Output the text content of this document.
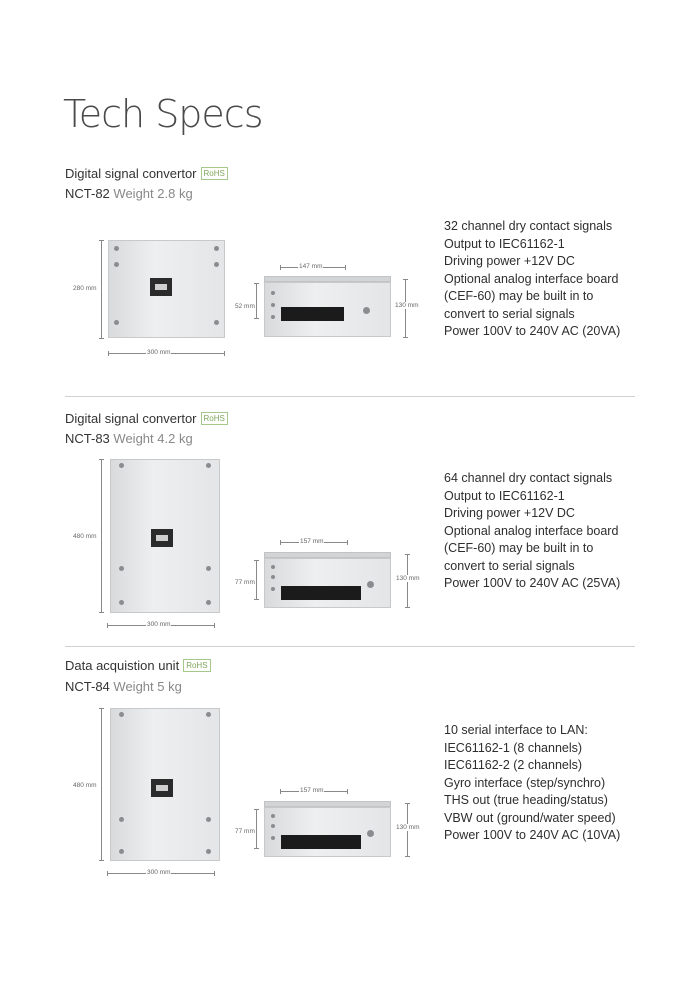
Tech Specs
Digital signal convertor RoHS
NCT-82 Weight 2.8 kg
280 mm
300 mm
147 mm
52 mm	130 mm
32 channel dry contact signals
Output to IEC61162-1
Driving power +12V DC
Optional analog interface board
(CEF-60) may be built in to
convert to serial signals
Power 100V to 240V AC (20VA)
Digital signal convertor RoHS
NCT-83 Weight 4.2 kg
480 mm
300 mm
157 mm
77 mm
130 mm
64 channel dry contact signals
Output to IEC61162-1
Driving power +12V DC
Optional analog interface board
(CEF-60) may be built in to
convert to serial signals
Power 100V to 240V AC (25VA)
Data acquistion unit RoHS
NCT-84 Weight 5 kg
480 mm
300 mm
157 mm
77 mm
130 mm
10 serial interface to LAN:
IEC61162-1 (8 channels)
IEC61162-2 (2 channels)
Gyro interface (step/synchro)
THS out (true heading/status)
VBW out (ground/water speed)
Power 100V to 240V AC (10VA)
